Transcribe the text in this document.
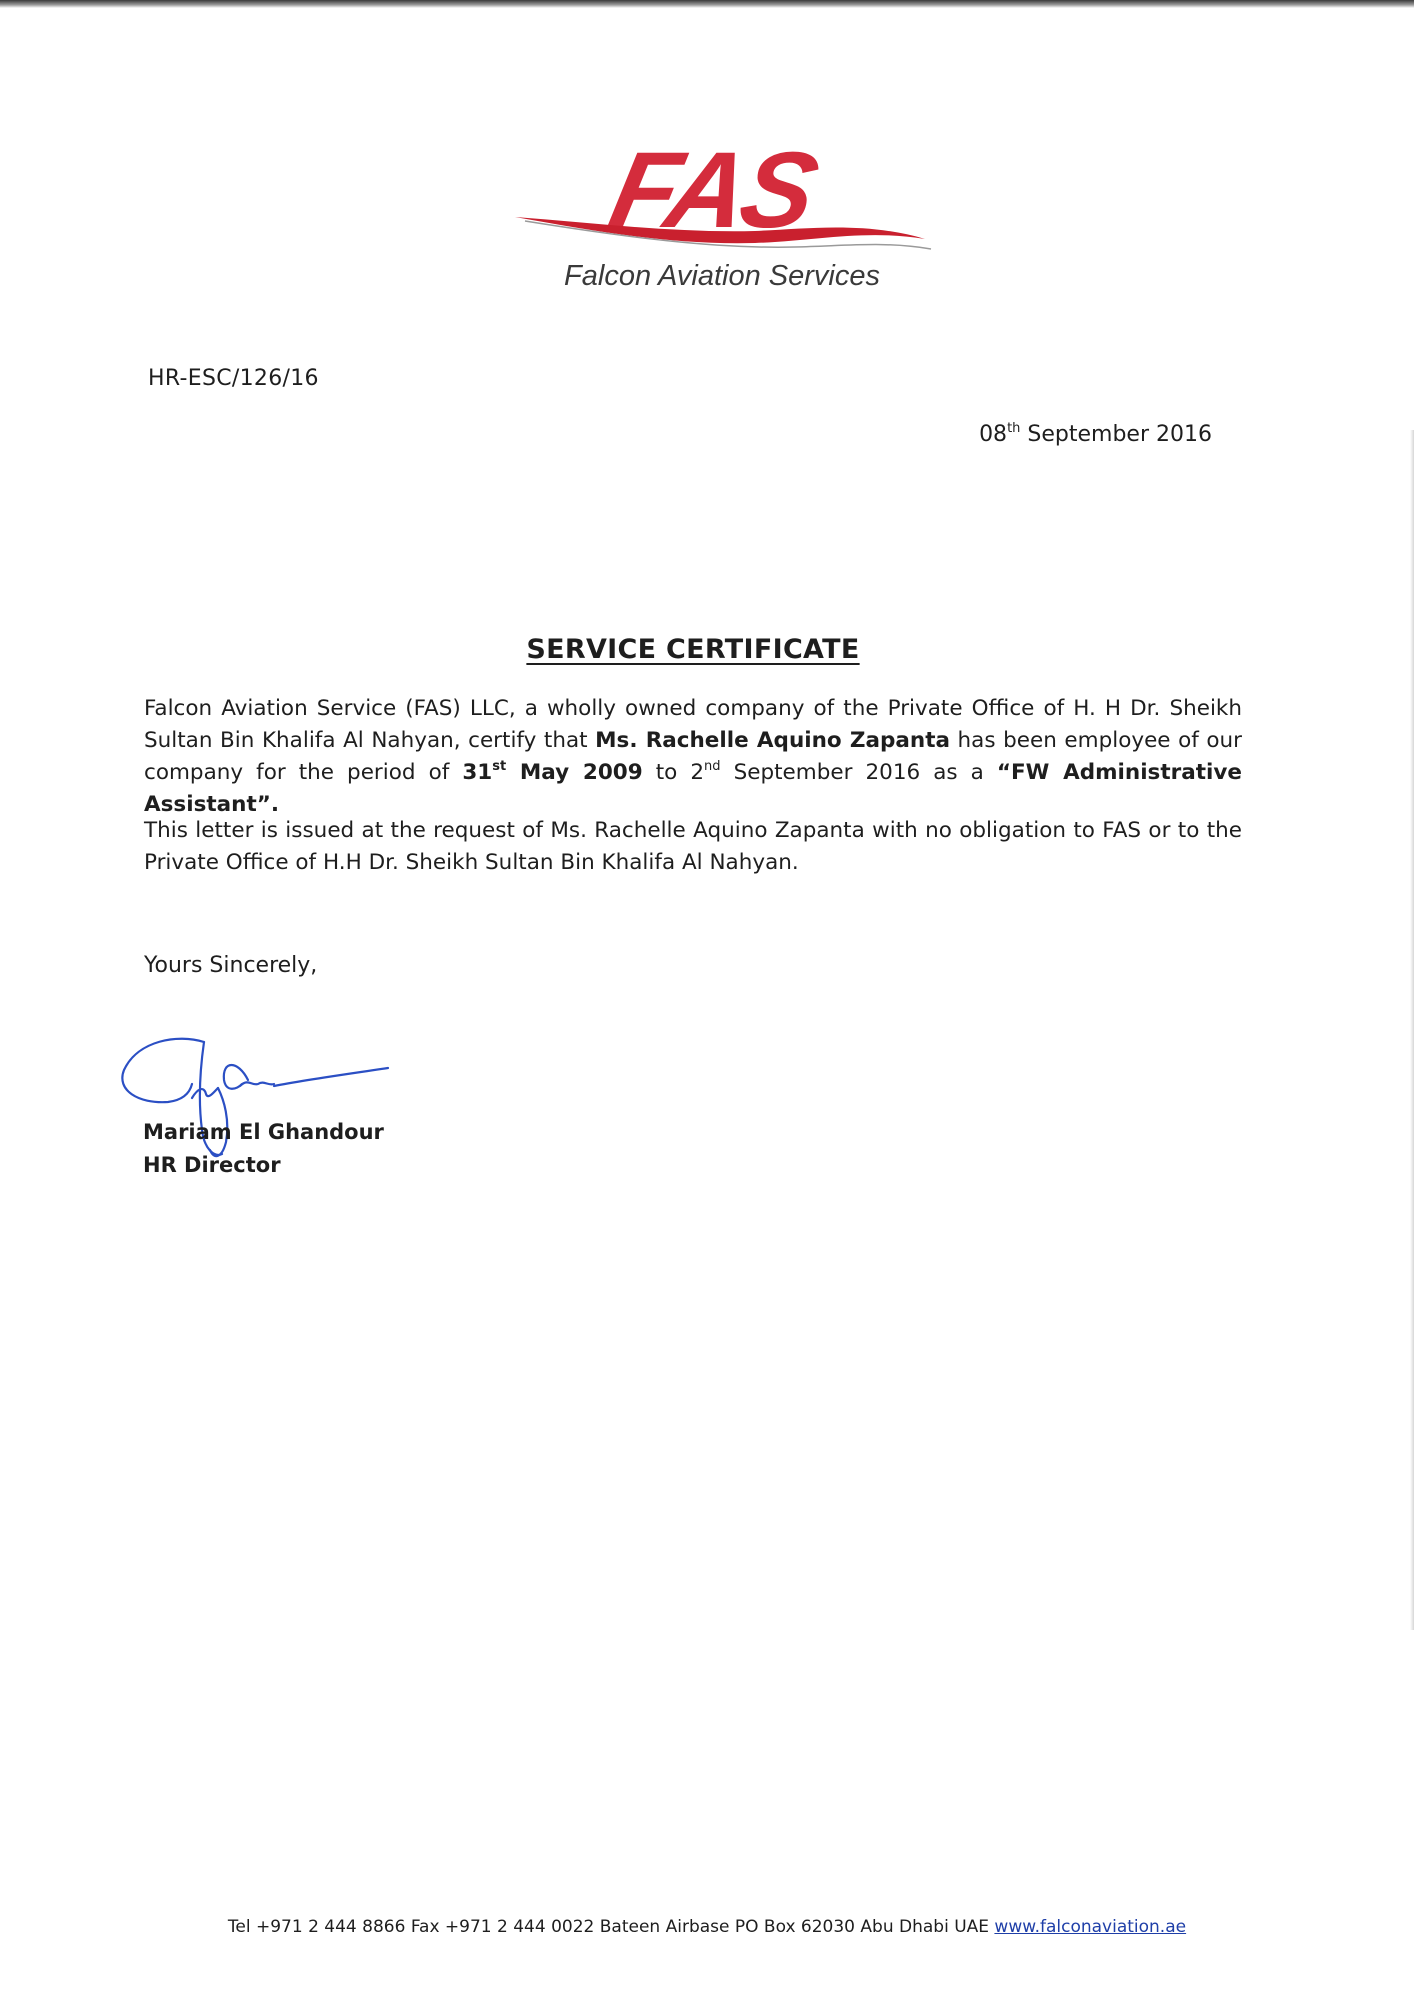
FAS
Falcon Aviation Services
HR-ESC/126/16
08th September 2016
SERVICE CERTIFICATE
Falcon Aviation Service (FAS) LLC, a wholly owned company of the Private Office of H. H Dr. Sheikh Sultan Bin Khalifa Al Nahyan, certify that Ms. Rachelle Aquino Zapanta has been employee of our company for the period of 31st May 2009 to 2nd September 2016 as a “FW Administrative Assistant”.
This letter is issued at the request of Ms. Rachelle Aquino Zapanta with no obligation to FAS or to the Private Office of H.H Dr. Sheikh Sultan Bin Khalifa Al Nahyan.
Yours Sincerely,
Mariam El Ghandour
HR Director
Tel +971 2 444 8866 Fax +971 2 444 0022 Bateen Airbase PO Box 62030 Abu Dhabi UAE www.falconaviation.ae
